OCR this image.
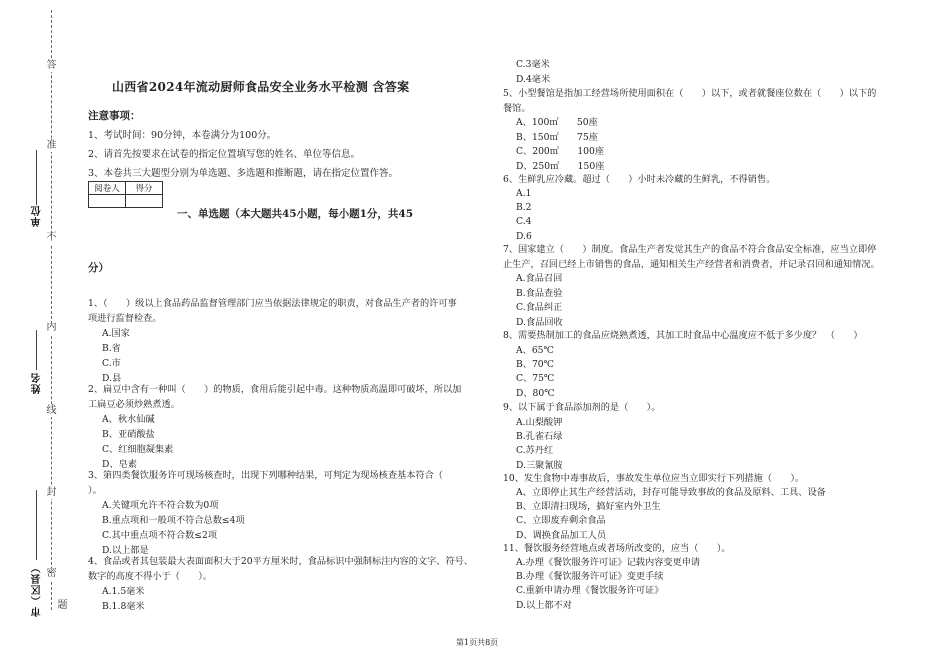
答
准
不
内
线
封
密
单位
姓名
市（区县） 题
山西省2024年流动厨师食品安全业务水平检测 含答案
注意事项：
1、考试时间：90分钟，本卷满分为100分。
2、请首先按要求在试卷的指定位置填写您的姓名、单位等信息。
3、本卷共三大题型分别为单选题、多选题和推断题，请在指定位置作答。
阅卷人	得分

一、单选题（本大题共45小题，每小题1分，共45
分）
1、（　　）级以上食品药品监督管理部门应当依据法律规定的职责，对食品生产者的许可事
项进行监督检查。
A.国家
B.省
C.市
D.县
2、扁豆中含有一种叫（　　）的物质，食用后能引起中毒。这种物质高温即可破坏，所以加
工扁豆必须炒熟煮透。
A、秋水仙碱
B、亚硝酸盐
C、红细胞凝集素
D、皂素
3、第四类餐饮服务许可现场核查时，出现下列哪种结果，可判定为现场核查基本符合（
）。
A.关键项允许不符合数为0项
B.重点项和一般项不符合总数≤4项
C.其中重点项不符合数≤2项
D.以上都是
4、食品或者其包装最大表面面积大于20平方厘米时，食品标识中强制标注内容的文字、符号、
数字的高度不得小于（　　）。
A.1.5毫米
B.1.8毫米
C.3毫米
D.4毫米
5、小型餐馆是指加工经营场所使用面积在（　　）以下，或者就餐座位数在（　　）以下的
餐馆。
A、100㎡　　50座
B、150㎡　　75座
C、200㎡　　100座
D、250㎡　　150座
6、生鲜乳应冷藏。超过（　　）小时未冷藏的生鲜乳，不得销售。
A.1
B.2
C.4
D.6
7、国家建立（　　）制度。食品生产者发觉其生产的食品不符合食品安全标准，应当立即停
止生产，召回已经上市销售的食品，通知相关生产经营者和消费者，并记录召回和通知情况。
A.食品召回
B.食品查验
C.食品纠正
D.食品回收
8、需要热制加工的食品应烧熟煮透，其加工时食品中心温度应不低于多少度？　（　　）
A、65℃
B、70℃
C、75℃
D、80℃
9、以下属于食品添加剂的是（　　）。
A.山梨酸钾
B.孔雀石绿
C.苏丹红
D.三聚氰胺
10、发生食物中毒事故后，事故发生单位应当立即实行下列措施（　　）。
A、立即停止其生产经营活动，封存可能导致事故的食品及原料、工具、设备
B、立即清扫现场，搞好室内外卫生
C、立即废弃剩余食品
D、调换食品加工人员
11、餐饮服务经营地点或者场所改变的，应当（　　）。
A.办理《餐饮服务许可证》记载内容变更申请
B.办理《餐饮服务许可证》变更手续
C.重新申请办理《餐饮服务许可证》
D.以上都不对
第1页共8页
